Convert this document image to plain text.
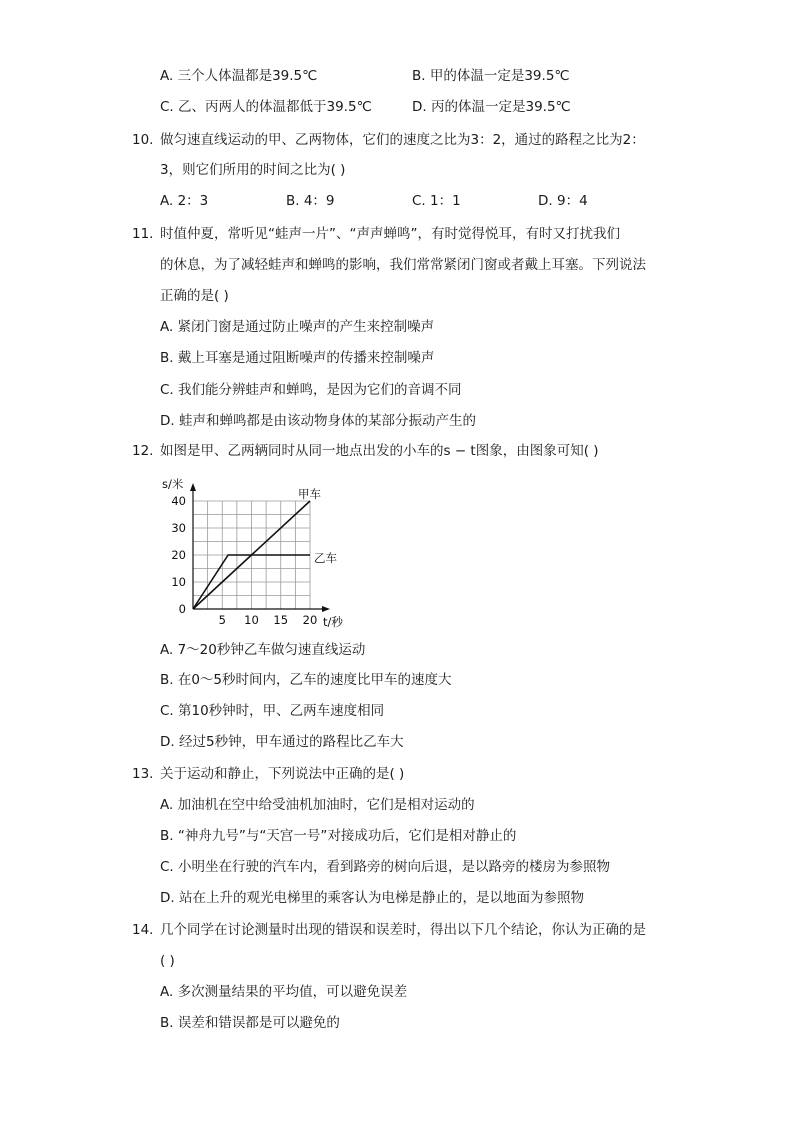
A. 三个人体温都是39.5℃	B. 甲的体温一定是39.5℃
C. 乙、丙两人的体温都低于39.5℃	D. 丙的体温一定是39.5℃
10. 做匀速直线运动的甲、乙两物体，它们的速度之比为3：2，通过的路程之比为2：
3，则它们所用的时间之比为( )
A. 2：3	B. 4：9	C. 1：1	D. 9：4
11. 时值仲夏，常听见“蛙声一片”、“声声蝉鸣”，有时觉得悦耳，有时又打扰我们
的休息，为了减轻蛙声和蝉鸣的影响，我们常常紧闭门窗或者戴上耳塞。下列说法
正确的是( )
A. 紧闭门窗是通过防止噪声的产生来控制噪声
B. 戴上耳塞是通过阻断噪声的传播来控制噪声
C. 我们能分辨蛙声和蝉鸣，是因为它们的音调不同
D. 蛙声和蝉鸣都是由该动物身体的某部分振动产生的
12. 如图是甲、乙两辆同时从同一地点出发的小车的s − t图象，由图象可知( )
5 10 15 20
0
10
20
30
40
s/米
t/秒
甲车
乙车
A. 7～20秒钟乙车做匀速直线运动
B. 在0～5秒时间内，乙车的速度比甲车的速度大
C. 第10秒钟时，甲、乙两车速度相同
D. 经过5秒钟，甲车通过的路程比乙车大
13. 关于运动和静止，下列说法中正确的是( )
A. 加油机在空中给受油机加油时，它们是相对运动的
B. “神舟九号”与“天宫一号”对接成功后，它们是相对静止的
C. 小明坐在行驶的汽车内，看到路旁的树向后退，是以路旁的楼房为参照物
D. 站在上升的观光电梯里的乘客认为电梯是静止的，是以地面为参照物
14. 几个同学在讨论测量时出现的错误和误差时，得出以下几个结论，你认为正确的是
( )
A. 多次测量结果的平均值，可以避免误差
B. 误差和错误都是可以避免的
